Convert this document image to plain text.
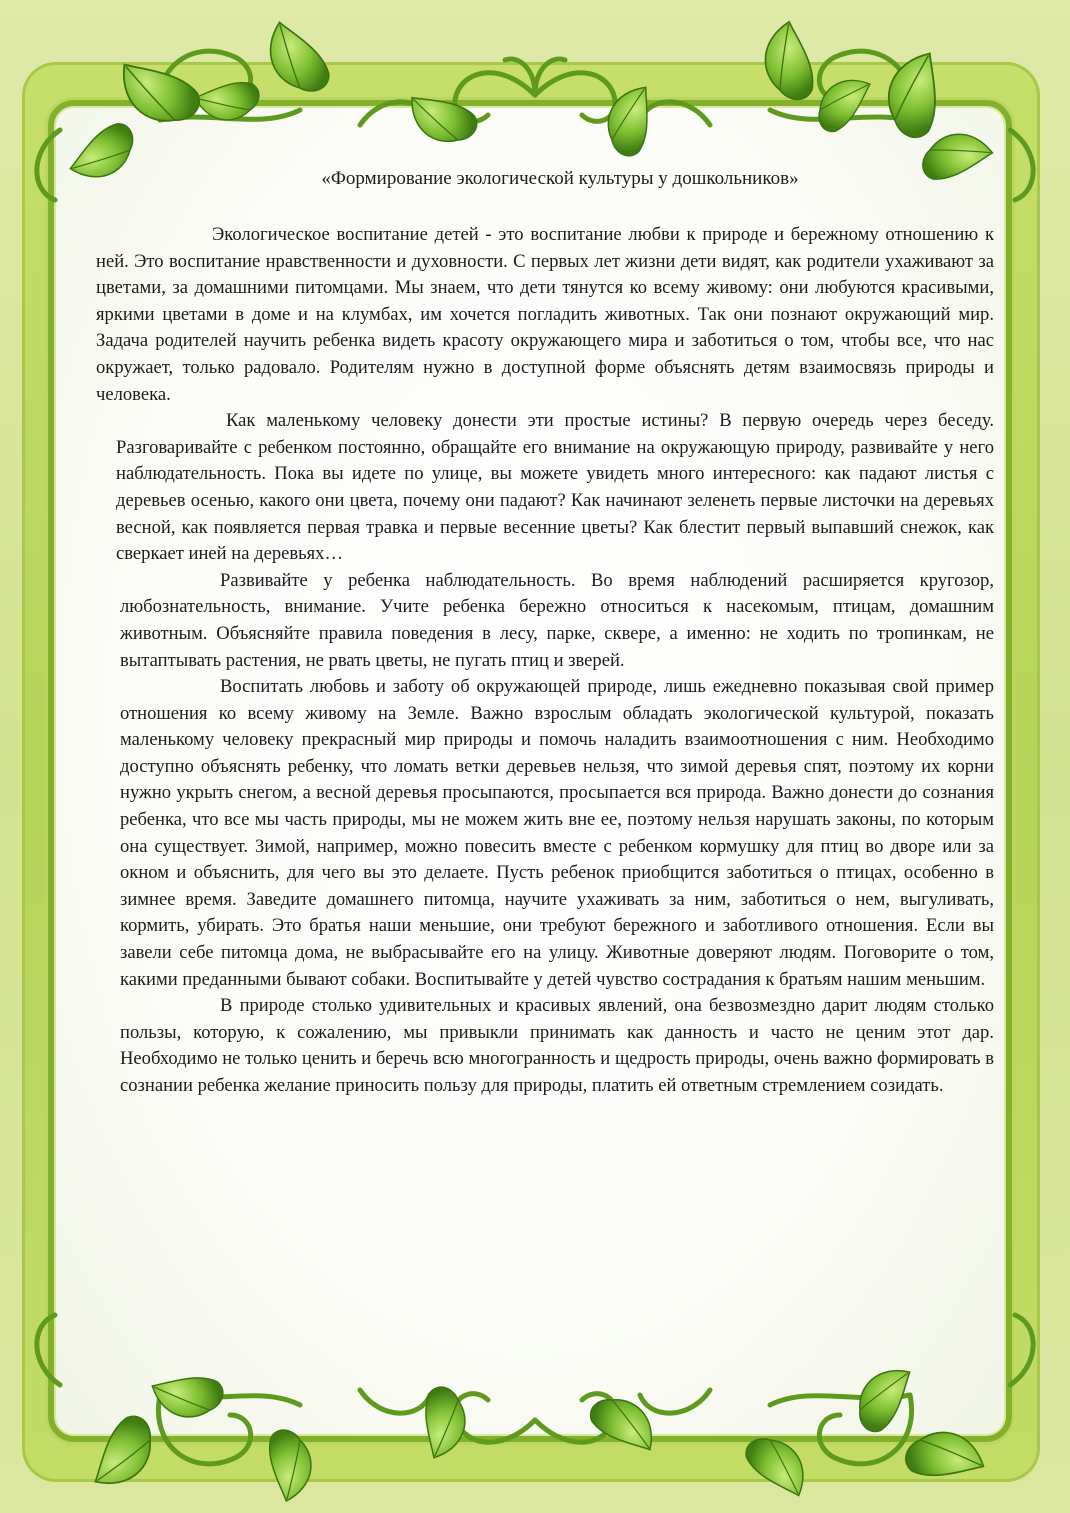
«Формирование экологической культуры у дошкольников»

Экологическое воспитание детей - это воспитание любви к природе и бережному отношению к ней. Это воспитание нравственности и духовности. С первых лет жизни дети видят, как родители ухаживают за цветами, за домашними питомцами. Мы знаем, что дети тянутся ко всему живому: они любуются красивыми, яркими цветами в доме и на клумбах, им хочется погладить животных. Так они познают окружающий мир. Задача родителей научить ребенка видеть красоту окружающего мира и заботиться о том, чтобы все, что нас окружает, только радовало. Родителям нужно в доступной форме объяснять детям взаимосвязь природы и человека.

Как маленькому человеку донести эти простые истины? В первую очередь через беседу. Разговаривайте с ребенком постоянно, обращайте его внимание на окружающую природу, развивайте у него наблюдательность. Пока вы идете по улице, вы можете увидеть много интересного: как падают листья с деревьев осенью, какого они цвета, почему они падают? Как начинают зеленеть первые листочки на деревьях весной, как появляется первая травка и первые весенние цветы? Как блестит первый выпавший снежок, как сверкает иней на деревьях…

Развивайте у ребенка наблюдательность. Во время наблюдений расширяется кругозор, любознательность, внимание. Учите ребенка бережно относиться к насекомым, птицам, домашним животным. Объясняйте правила поведения в лесу, парке, сквере, а именно: не ходить по тропинкам, не вытаптывать растения, не рвать цветы, не пугать птиц и зверей.

Воспитать любовь и заботу об окружающей природе, лишь ежедневно показывая свой пример отношения ко всему живому на Земле. Важно взрослым обладать экологической культурой, показать маленькому человеку прекрасный мир природы и помочь наладить взаимоотношения с ним. Необходимо доступно объяснять ребенку, что ломать ветки деревьев нельзя, что зимой деревья спят, поэтому их корни нужно укрыть снегом, а весной деревья просыпаются, просыпается вся природа. Важно донести до сознания ребенка, что все мы часть природы, мы не можем жить вне ее, поэтому нельзя нарушать законы, по которым она существует. Зимой, например, можно повесить вместе с ребенком кормушку для птиц во дворе или за окном и объяснить, для чего вы это делаете. Пусть ребенок приобщится заботиться о птицах, особенно в зимнее время. Заведите домашнего питомца, научите ухаживать за ним, заботиться о нем, выгуливать, кормить, убирать. Это братья наши меньшие, они требуют бережного и заботливого отношения. Если вы завели себе питомца дома, не выбрасывайте его на улицу. Животные доверяют людям. Поговорите о том, какими преданными бывают собаки. Воспитывайте у детей чувство сострадания к братьям нашим меньшим.

В природе столько удивительных и красивых явлений, она безвозмездно дарит людям столько пользы, которую, к сожалению, мы привыкли принимать как данность и часто не ценим этот дар. Необходимо не только ценить и беречь всю многогранность и щедрость природы, очень важно формировать в сознании ребенка желание приносить пользу для природы, платить ей ответным стремлением созидать.
